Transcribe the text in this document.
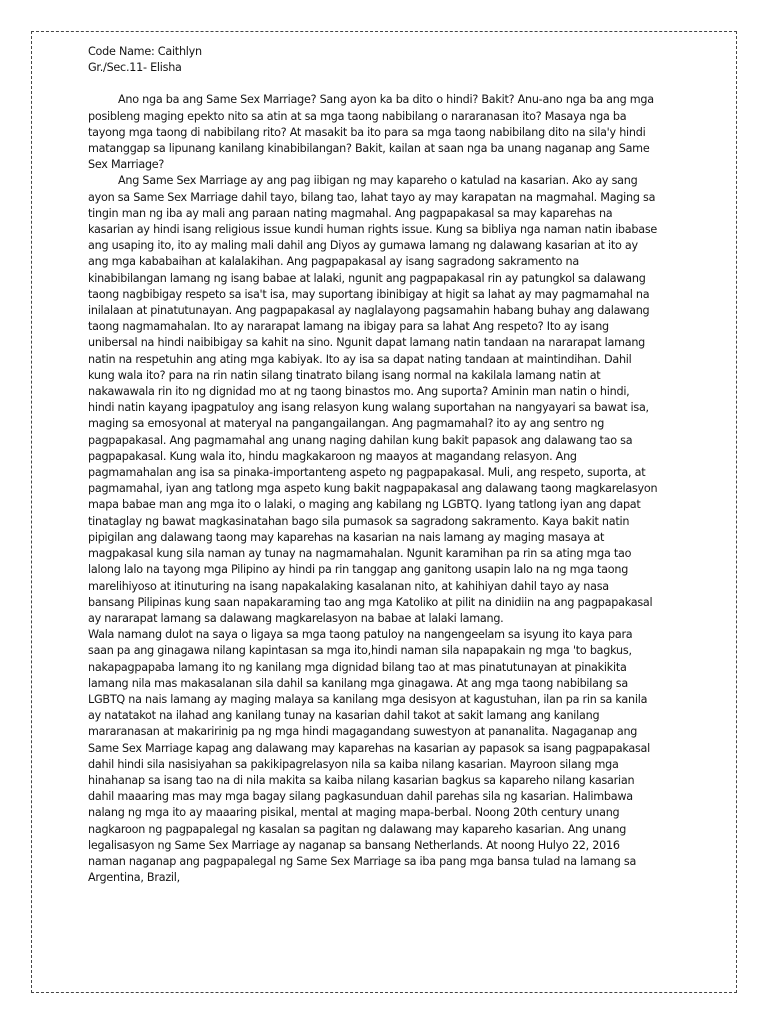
Code Name: Caithlyn

Gr./Sec.11- Elisha

Ano nga ba ang Same Sex Marriage? Sang ayon ka ba dito o hindi? Bakit? Anu-ano nga ba ang mga posibleng maging epekto nito sa atin at sa mga taong nabibilang o nararanasan ito? Masaya nga ba tayong mga taong di nabibilang rito? At masakit ba ito para sa mga taong nabibilang dito na sila'y hindi matanggap sa lipunang kanilang kinabibilangan? Bakit, kailan at saan nga ba unang naganap ang Same Sex Marriage?

Ang Same Sex Marriage ay ang pag iibigan ng may kapareho o katulad na kasarian. Ako ay sang ayon sa Same Sex Marriage dahil tayo, bilang tao, lahat tayo ay may karapatan na magmahal. Maging sa tingin man ng iba ay mali ang paraan nating magmahal. Ang pagpapakasal sa may kaparehas na kasarian ay hindi isang religious issue kundi human rights issue. Kung sa bibliya nga naman natin ibabase ang usaping ito, ito ay maling mali dahil ang Diyos ay gumawa lamang ng dalawang kasarian at ito ay ang mga kababaihan at kalalakihan. Ang pagpapakasal ay isang sagradong sakramento na kinabibilangan lamang ng isang babae at lalaki, ngunit ang pagpapakasal rin ay patungkol sa dalawang taong nagbibigay respeto sa isa't isa, may suportang ibinibigay at higit sa lahat ay may pagmamahal na inilalaan at pinatutunayan. Ang pagpapakasal ay naglalayong pagsamahin habang buhay ang dalawang taong nagmamahalan. Ito ay nararapat lamang na ibigay para sa lahat Ang respeto? Ito ay isang unibersal na hindi naibibigay sa kahit na sino. Ngunit dapat lamang natin tandaan na nararapat lamang natin na respetuhin ang ating mga kabiyak. Ito ay isa sa dapat nating tandaan at maintindihan. Dahil kung wala ito? para na rin natin silang tinatrato bilang isang normal na kakilala lamang natin at nakawawala rin ito ng dignidad mo at ng taong binastos mo. Ang suporta? Aminin man natin o hindi, hindi natin kayang ipagpatuloy ang isang relasyon kung walang suportahan na nangyayari sa bawat isa, maging sa emosyonal at materyal na pangangailangan. Ang pagmamahal? ito ay ang sentro ng pagpapakasal. Ang pagmamahal ang unang naging dahilan kung bakit papasok ang dalawang tao sa pagpapakasal. Kung wala ito, hindu magkakaroon ng maayos at magandang relasyon. Ang pagmamahalan ang isa sa pinaka-importanteng aspeto ng pagpapakasal. Muli, ang respeto, suporta, at pagmamahal, iyan ang tatlong mga aspeto kung bakit nagpapakasal ang dalawang taong magkarelasyon mapa babae man ang mga ito o lalaki, o maging ang kabilang ng LGBTQ. Iyang tatlong iyan ang dapat tinataglay ng bawat magkasinatahan bago sila pumasok sa sagradong sakramento. Kaya bakit natin pipigilan ang dalawang taong may kaparehas na kasarian na nais lamang ay maging masaya at magpakasal kung sila naman ay tunay na nagmamahalan. Ngunit karamihan pa rin sa ating mga tao lalong lalo na tayong mga Pilipino ay hindi pa rin tanggap ang ganitong usapin lalo na ng mga taong marelihiyoso at itinuturing na isang napakalaking kasalanan nito, at kahihiyan dahil tayo ay nasa bansang Pilipinas kung saan napakaraming tao ang mga Katoliko at pilit na dinidiin na ang pagpapakasal ay nararapat lamang sa dalawang magkarelasyon na babae at lalaki lamang.

Wala namang dulot na saya o ligaya sa mga taong patuloy na nangengeelam sa isyung ito kaya para saan pa ang ginagawa nilang kapintasan sa mga ito,hindi naman sila napapakain ng mga 'to bagkus, nakapagpapaba lamang ito ng kanilang mga dignidad bilang tao at mas pinatutunayan at pinakikita lamang nila mas makasalanan sila dahil sa kanilang mga ginagawa. At ang mga taong nabibilang sa LGBTQ na nais lamang ay maging malaya sa kanilang mga desisyon at kagustuhan, ilan pa rin sa kanila ay natatakot na ilahad ang kanilang tunay na kasarian dahil takot at sakit lamang ang kanilang mararanasan at makaririnig pa ng mga hindi magagandang suwestyon at pananalita. Nagaganap ang Same Sex Marriage kapag ang dalawang may kaparehas na kasarian ay papasok sa isang pagpapakasal dahil hindi sila nasisiyahan sa pakikipagrelasyon nila sa kaiba nilang kasarian. Mayroon silang mga hinahanap sa isang tao na di nila makita sa kaiba nilang kasarian bagkus sa kapareho nilang kasarian dahil maaaring mas may mga bagay silang pagkasunduan dahil parehas sila ng kasarian. Halimbawa nalang ng mga ito ay maaaring pisikal, mental at maging mapa-berbal. Noong 20th century unang nagkaroon ng pagpapalegal ng kasalan sa pagitan ng dalawang may kapareho kasarian. Ang unang legalisasyon ng Same Sex Marriage ay naganap sa bansang Netherlands. At noong Hulyo 22, 2016 naman naganap ang pagpapalegal ng Same Sex Marriage sa iba pang mga bansa tulad na lamang sa Argentina, Brazil,
